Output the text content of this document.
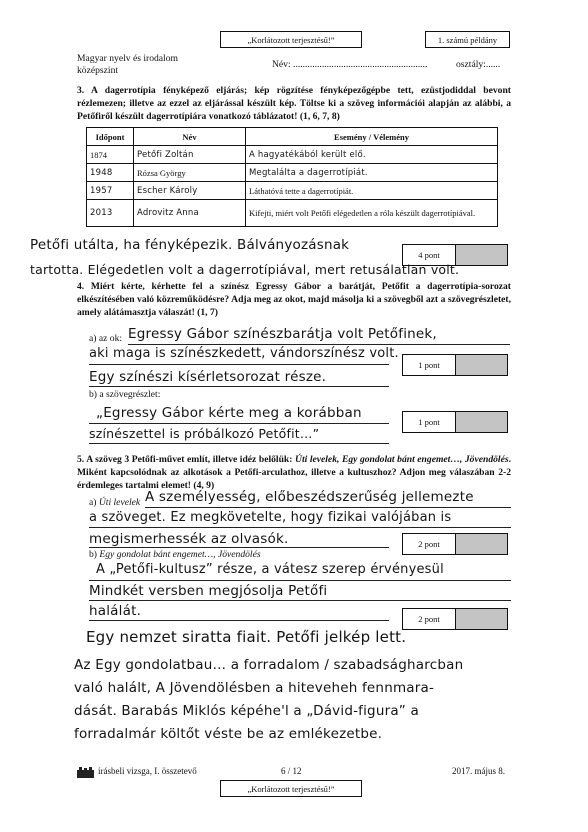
„Korlátozott terjesztésű!”	1. számú példány
Magyar nyelv és irodalom
középszint
Név: ........................................................	osztály:......
3. A dagerrotípia fényképező eljárás; kép rögzítése fényképezőgépbe tett, ezüstjodiddal bevont rézlemezen; illetve az ezzel az eljárással készült kép. Töltse ki a szöveg információi alapján az alábbi, a Petőfiről készült dagerrotípiára vonatkozó táblázatot! (1, 6, 7, 8)
Időpont	Név	Esemény / Vélemény
1874	Petőfi Zoltán	A hagyatékából került elő.
1948	Rózsa György	Megtalálta a dagerrotípiát.
1957	Escher Károly	Láthatóvá tette a dagerrotípiát.
2013	Adrovitz Anna	Kifejti, miért volt Petőfi elégedetlen a róla készült dagerrotípiával.
Petőfi utálta, ha fényképezik. Bálványozásnak
4 pont
tartotta. Elégedetlen volt a dagerrotípiával, mert retusálatlan volt.
4. Miért kérte, kérhette fel a színész Egressy Gábor a barátját, Petőfit a dagerrotípia-sorozat elkészítésében való közreműködésre? Adja meg az okot, majd másolja ki a szövegből azt a szövegrészletet, amely alátámasztja válaszát! (1, 7)
a) az ok: Egressy Gábor színészbarátja volt Petőfinek,
aki maga is színészkedett, vándorszínész volt.
1 pont
Egy színészi kísérletsorozat része.
b) a szövegrészlet:
„Egressy Gábor kérte meg a korábban
1 pont
színészettel is próbálkozó Petőfit…”
5. A szöveg 3 Petőfi-művet említ, illetve idéz belőlük: Úti levelek, Egy gondolat bánt engemet…, Jövendölés. Miként kapcsolódnak az alkotások a Petőfi-arculathoz, illetve a kultuszhoz? Adjon meg válaszában 2-2 érdemleges tartalmi elemet! (4, 9)
a) Úti levelek A személyesség, előbeszédszerűség jellemezte
a szöveget. Ez megkövetelte, hogy fizikai valójában is
megismerhessék az olvasók.	2 pont
b) Egy gondolat bánt engemet…, Jövendölés
A „Petőfi-kultusz” része, a vátesz szerep érvényesül
Mindkét versben megjósolja Petőfi
halálát.	2 pont
Egy nemzet siratta fiait. Petőfi jelkép lett.
Az Egy gondolatbau… a forradalom / szabadságharcban
való halált, A Jövendölésben a hiteveheh fennmara-
dását. Barabás Miklós képéhe'l a „Dávid-figura” a
forradalmár költőt véste be az emlékezetbe.
írásbeli vizsga, I. összetevő	6 / 12	2017. május 8.
„Korlátozott terjesztésű!”
